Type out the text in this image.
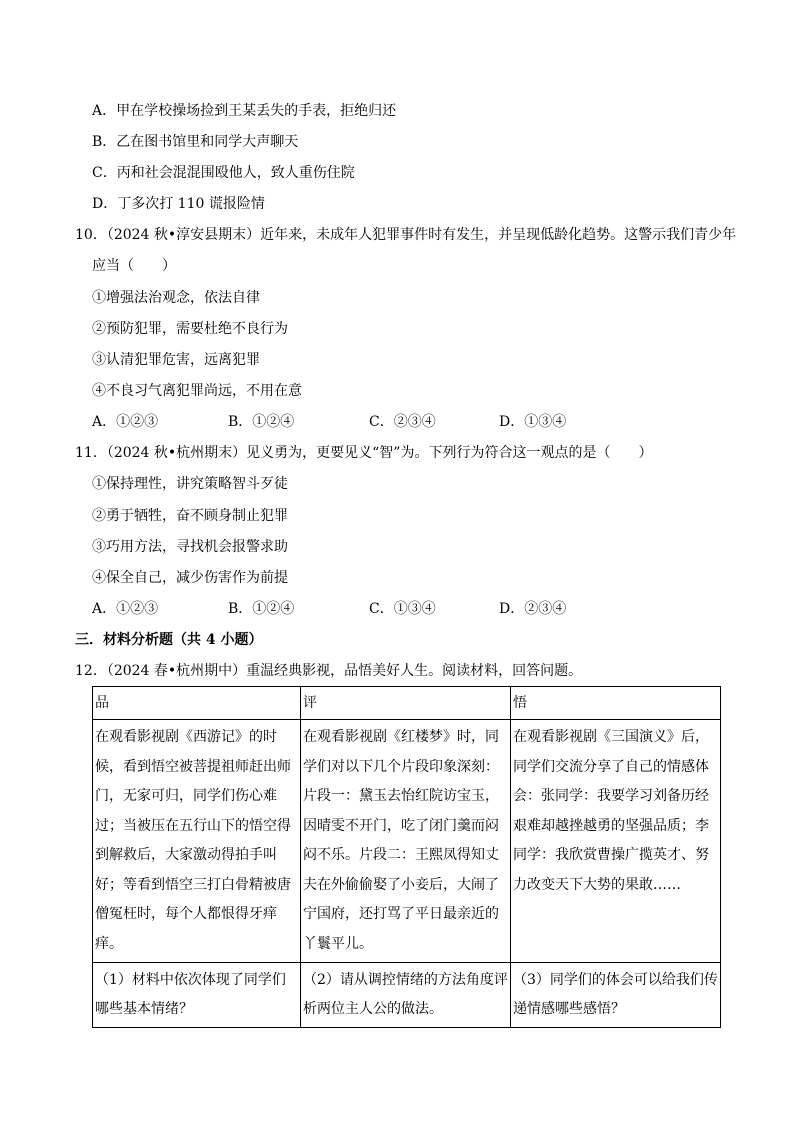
A．甲在学校操场捡到王某丢失的手表，拒绝归还
B．乙在图书馆里和同学大声聊天
C．丙和社会混混围殴他人，致人重伤住院
D．丁多次打 110 谎报险情
10．（2024 秋•淳安县期末）近年来，未成年人犯罪事件时有发生，并呈现低龄化趋势。这警示我们青少年
应当（　　）
①增强法治观念，依法自律
②预防犯罪，需要杜绝不良行为
③认清犯罪危害，远离犯罪
④不良习气离犯罪尚远，不用在意
A．①②③	B．①②④	C．②③④	D．①③④
11．（2024 秋•杭州期末）见义勇为，更要见义“智”为。下列行为符合这一观点的是（　　）
①保持理性，讲究策略智斗歹徒
②勇于牺牲，奋不顾身制止犯罪
③巧用方法，寻找机会报警求助
④保全自己，减少伤害作为前提
A．①②③	B．①②④	C．①③④	D．②③④
三．材料分析题（共 4 小题）
12．（2024 春•杭州期中）重温经典影视，品悟美好人生。阅读材料，回答问题。
品	评	悟
在观看影视剧《西游记》的时候，看到悟空被菩提祖师赶出师门，无家可归，同学们伤心难过；当被压在五行山下的悟空得到解救后，大家激动得拍手叫好；等看到悟空三打白骨精被唐僧冤枉时，每个人都恨得牙痒痒。	在观看影视剧《红楼梦》时，同学们对以下几个片段印象深刻：片段一：黛玉去怡红院访宝玉，因晴雯不开门，吃了闭门羹而闷闷不乐。片段二：王熙凤得知丈夫在外偷偷娶了小妾后，大闹了宁国府，还打骂了平日最亲近的丫鬟平儿。	在观看影视剧《三国演义》后，同学们交流分享了自己的情感体会：张同学：我要学习刘备历经艰难却越挫越勇的坚强品质；李同学：我欣赏曹操广揽英才、努力改变天下大势的果敢……
（1）材料中依次体现了同学们哪些基本情绪？	（2）请从调控情绪的方法角度评析两位主人公的做法。	（3）同学们的体会可以给我们传递情感哪些感悟？
